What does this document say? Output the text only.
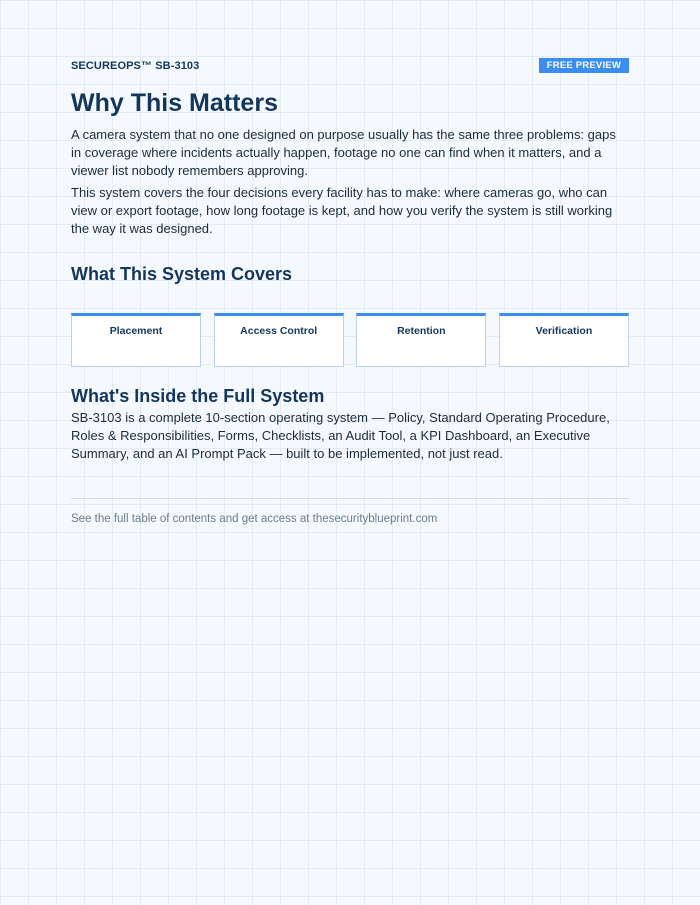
SECUREOPS™ SB-3103	FREE PREVIEW
Why This Matters

A camera system that no one designed on purpose usually has the same three problems: gaps in coverage where incidents actually happen, footage no one can find when it matters, and a viewer list nobody remembers approving.

This system covers the four decisions every facility has to make: where cameras go, who can view or export footage, how long footage is kept, and how you verify the system is still working the way it was designed.

What This System Covers
Placement	Access Control	Retention	Verification
What's Inside the Full System

SB-3103 is a complete 10-section operating system — Policy, Standard Operating Procedure, Roles & Responsibilities, Forms, Checklists, an Audit Tool, a KPI Dashboard, an Executive Summary, and an AI Prompt Pack — built to be implemented, not just read.

See the full table of contents and get access at thesecurityblueprint.com
